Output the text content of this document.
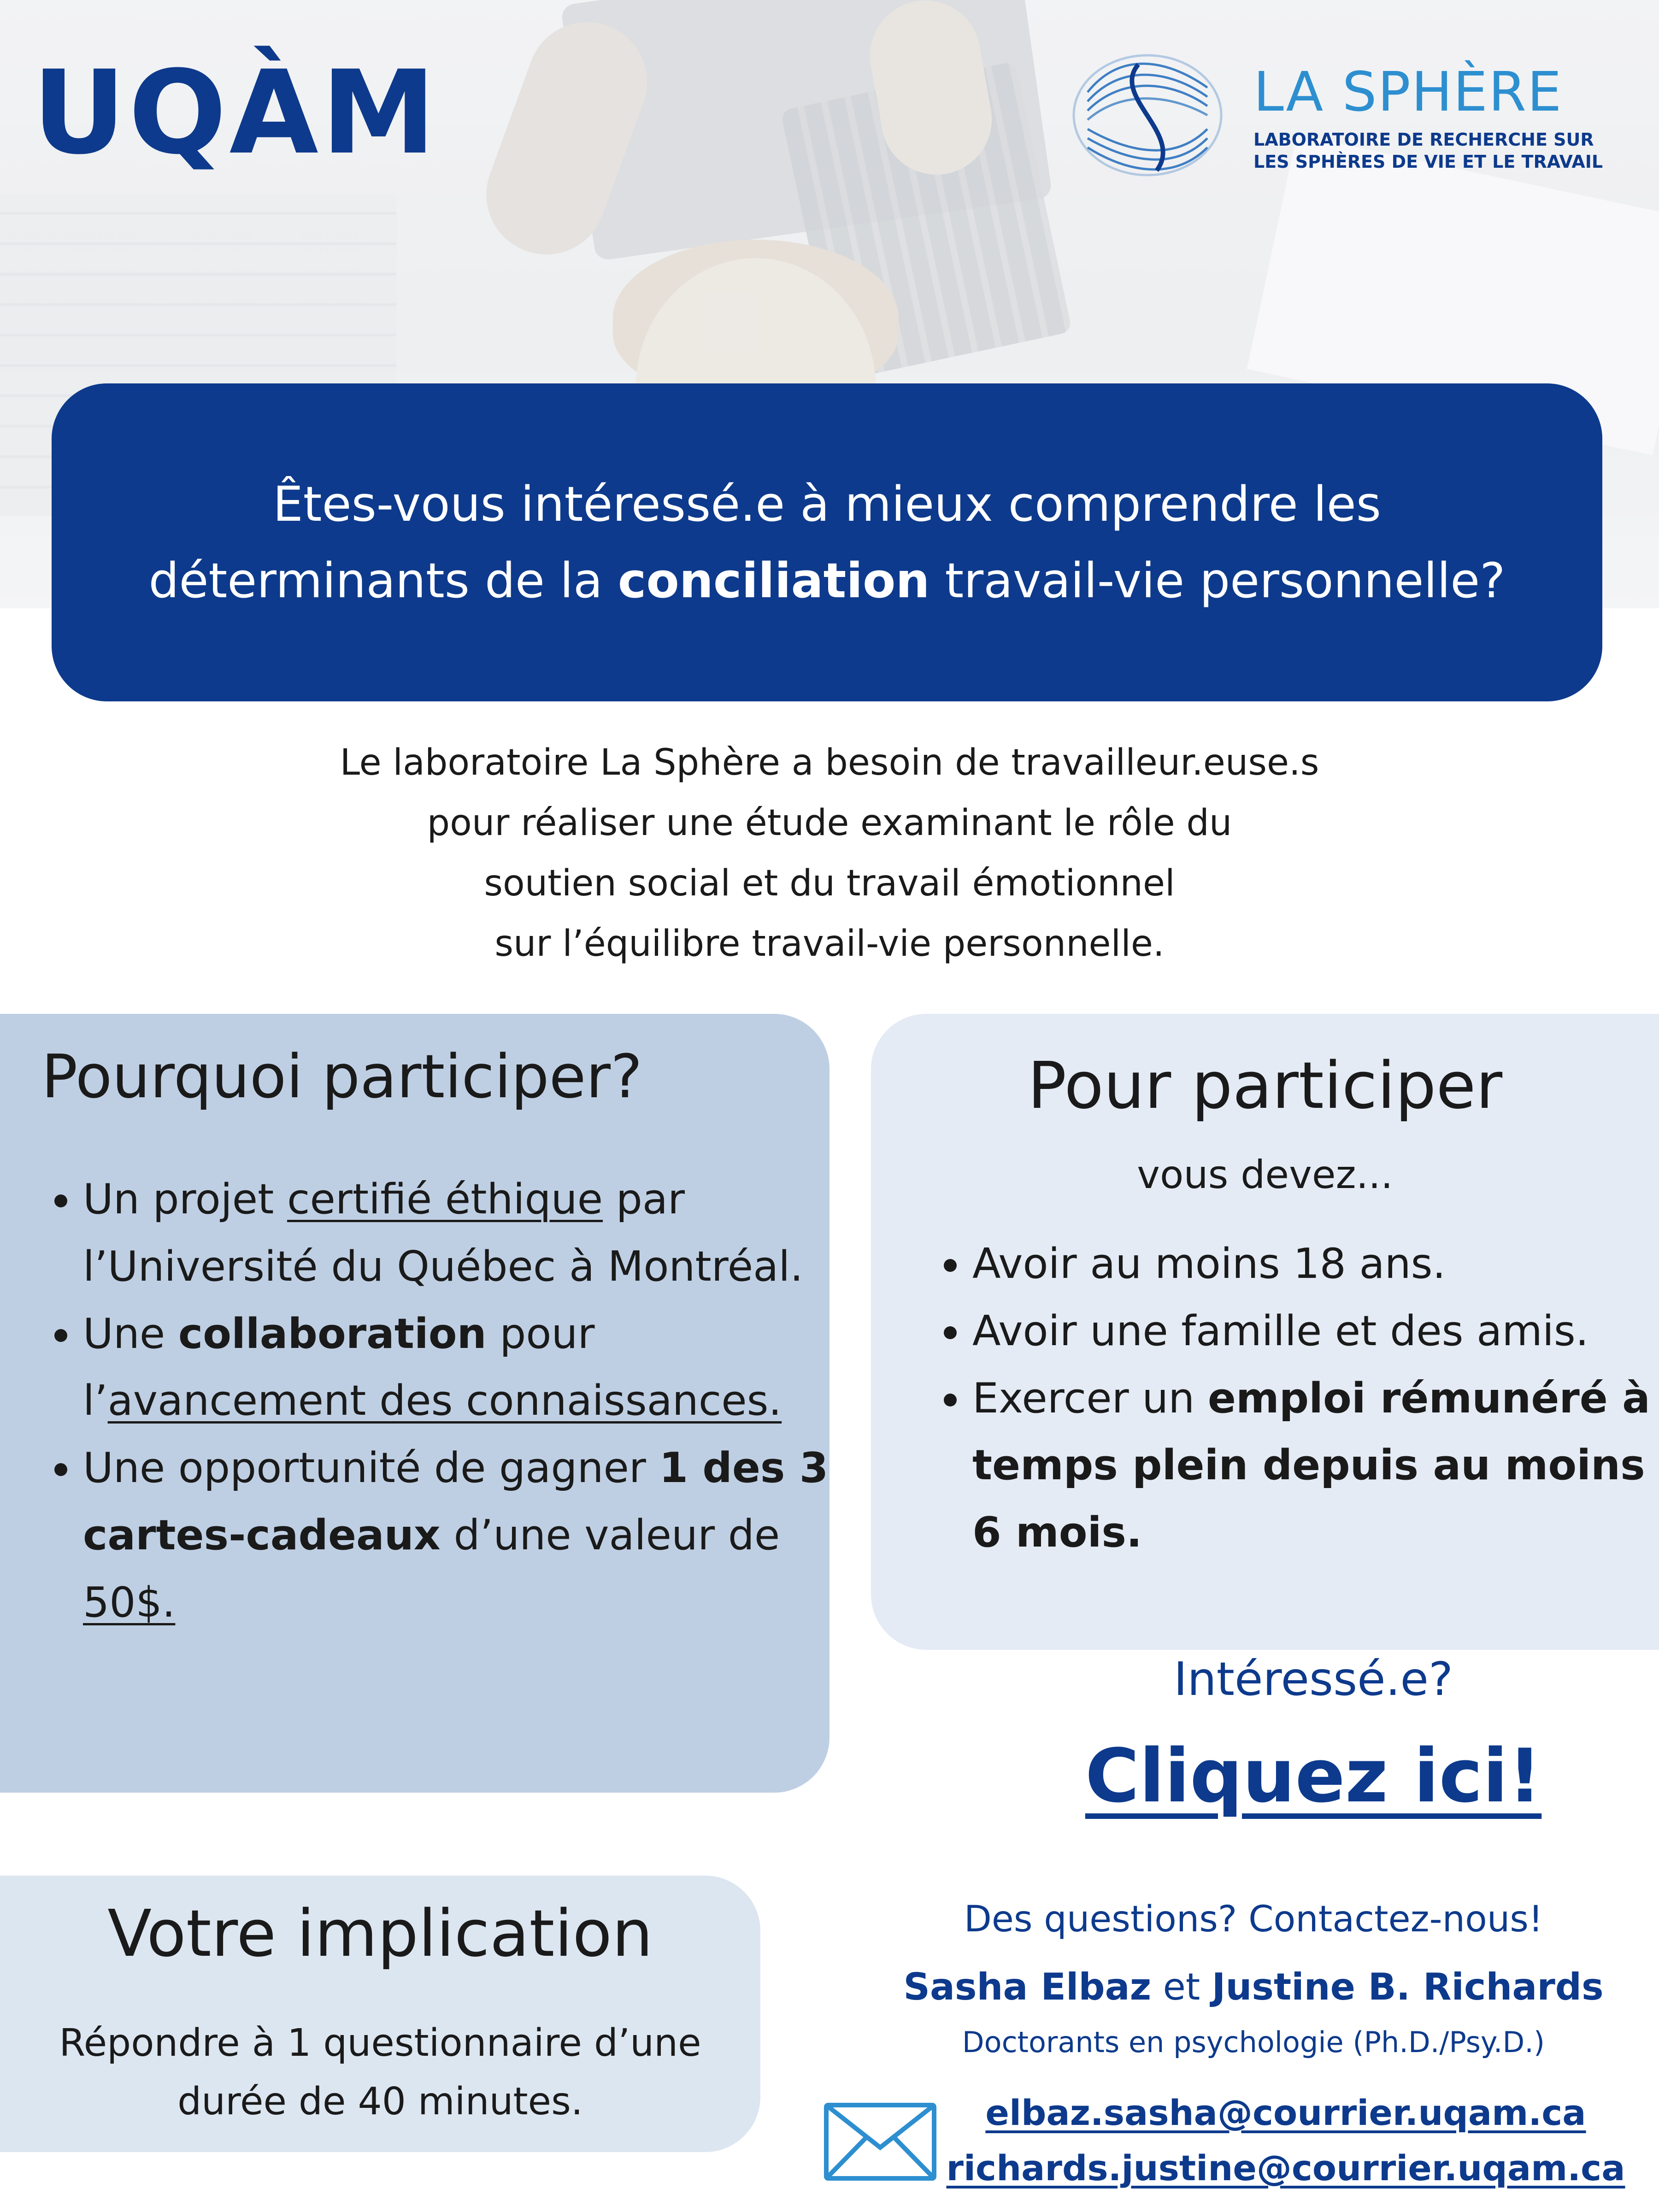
UQÀM	LA SPHÈRE
LABORATOIRE DE RECHERCHE SUR
LES SPHÈRES DE VIE ET LE TRAVAIL

Êtes-vous intéressé.e à mieux comprendre les déterminants de la conciliation travail-vie personnelle?

Le laboratoire La Sphère a besoin de travailleur.euse.s
pour réaliser une étude examinant le rôle du
soutien social et du travail émotionnel
sur l’équilibre travail-vie personnelle.

Pourquoi participer?
• Un projet certifié éthique par l’Université du Québec à Montréal.
• Une collaboration pour l’avancement des connaissances.
• Une opportunité de gagner 1 des 3 cartes-cadeaux d’une valeur de 50$.
Pour participer
vous devez...
• Avoir au moins 18 ans.
• Avoir une famille et des amis.
• Exercer un emploi rémunéré à temps plein depuis au moins 6 mois.
Intéressé.e?
Cliquez ici!
Votre implication

Répondre à 1 questionnaire d’une durée de 40 minutes.

Des questions? Contactez-nous!
Sasha Elbaz et Justine B. Richards
Doctorants en psychologie (Ph.D./Psy.D.)
elbaz.sasha@courrier.uqam.ca
richards.justine@courrier.uqam.ca
